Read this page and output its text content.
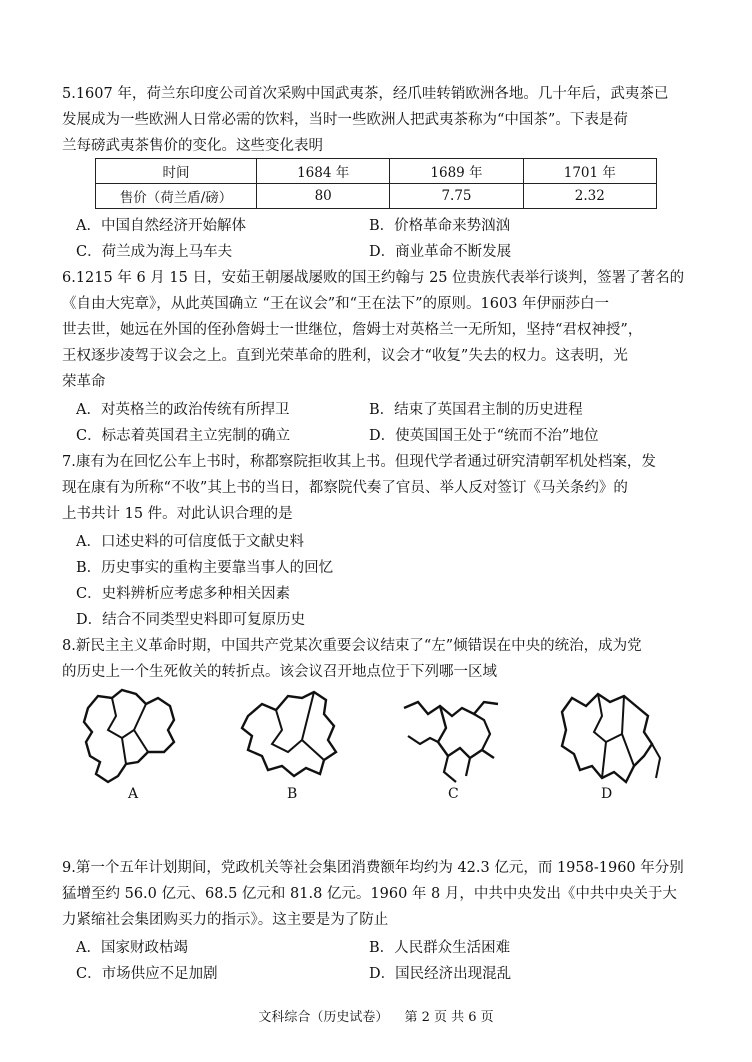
5.1607 年，荷兰东印度公司首次采购中国武夷茶，经爪哇转销欧洲各地。几十年后，武夷茶已
发展成为一些欧洲人日常必需的饮料，当时一些欧洲人把武夷茶称为“中国茶”。下表是荷
兰每磅武夷茶售价的变化。这些变化表明
时间	1684 年	1689 年	1701 年
售价（荷兰盾/磅）	80	7.75	2.32
A．中国自然经济开始解体	B．价格革命来势汹汹
C．荷兰成为海上马车夫	D．商业革命不断发展
6.1215 年 6 月 15 日，安茹王朝屡战屡败的国王约翰与 25 位贵族代表举行谈判，签署了著名的
《自由大宪章》，从此英国确立 “王在议会”和“王在法下”的原则。1603 年伊丽莎白一
世去世，她远在外国的侄孙詹姆士一世继位，詹姆士对英格兰一无所知，坚持“君权神授”，
王权逐步凌驾于议会之上。直到光荣革命的胜利，议会才“收复”失去的权力。这表明，光
荣革命
A．对英格兰的政治传统有所捍卫	B．结束了英国君主制的历史进程
C．标志着英国君主立宪制的确立	D．使英国国王处于“统而不治”地位
7.康有为在回忆公车上书时，称都察院拒收其上书。但现代学者通过研究清朝军机处档案，发
现在康有为所称“不收”其上书的当日，都察院代奏了官员、举人反对签订《马关条约》的
上书共计 15 件。对此认识合理的是
A．口述史料的可信度低于文献史料
B．历史事实的重构主要靠当事人的回忆
C．史料辨析应考虑多种相关因素
D．结合不同类型史料即可复原历史
8.新民主主义革命时期，中国共产党某次重要会议结束了“左”倾错误在中央的统治，成为党
的历史上一个生死攸关的转折点。该会议召开地点位于下列哪一区域
A	B	C	D
9.第一个五年计划期间，党政机关等社会集团消费额年均约为 42.3 亿元，而 1958-1960 年分别
猛增至约 56.0 亿元、68.5 亿元和 81.8 亿元。1960 年 8 月，中共中央发出《中共中央关于大
力紧缩社会集团购买力的指示》。这主要是为了防止
A．国家财政枯竭	B．人民群众生活困难
C．市场供应不足加剧	D．国民经济出现混乱
文科综合（历史试卷） 第 2 页 共 6 页
